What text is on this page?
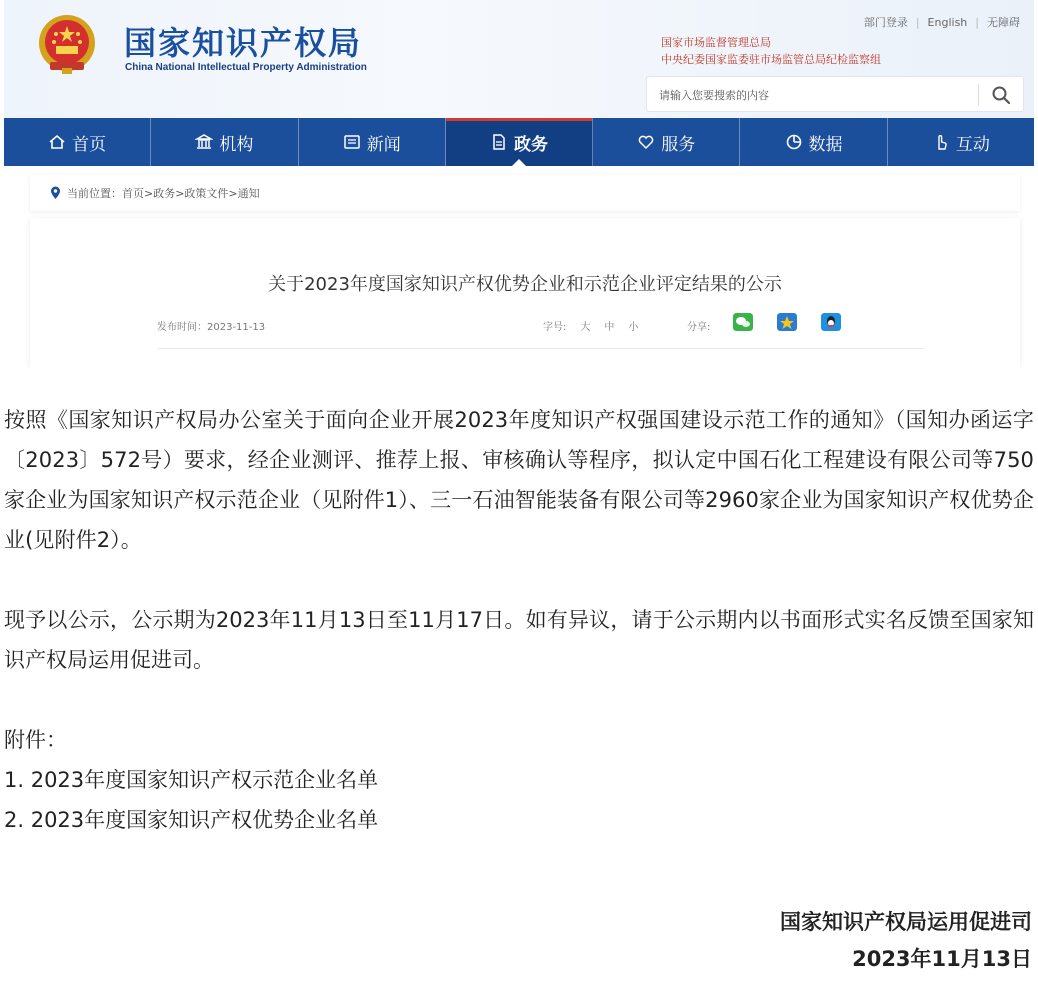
国家知识产权局
China National Intellectual Property Administration
部门登录 | English | 无障碍
国家市场监督管理总局
中央纪委国家监委驻市场监管总局纪检监察组
请输入您要搜索的内容
首页	机构	新闻	政务	服务	数据	互动
当前位置：首页>政务>政策文件>通知
关于2023年度国家知识产权优势企业和示范企业评定结果的公示
发布时间：2023-11-13	字号: 大 中 小	分享:

按照《国家知识产权局办公室关于面向企业开展2023年度知识产权强国建设示范工作的通知》（国知办函运字〔2023〕572号）要求，经企业测评、推荐上报、审核确认等程序，拟认定中国石化工程建设有限公司等750家企业为国家知识产权示范企业（见附件1）、三一石油智能装备有限公司等2960家企业为国家知识产权优势企业(见附件2）。

现予以公示，公示期为2023年11月13日至11月17日。如有异议，请于公示期内以书面形式实名反馈至国家知识产权局运用促进司。

附件：
1. 2023年度国家知识产权示范企业名单
2. 2023年度国家知识产权优势企业名单
国家知识产权局运用促进司
2023年11月13日
